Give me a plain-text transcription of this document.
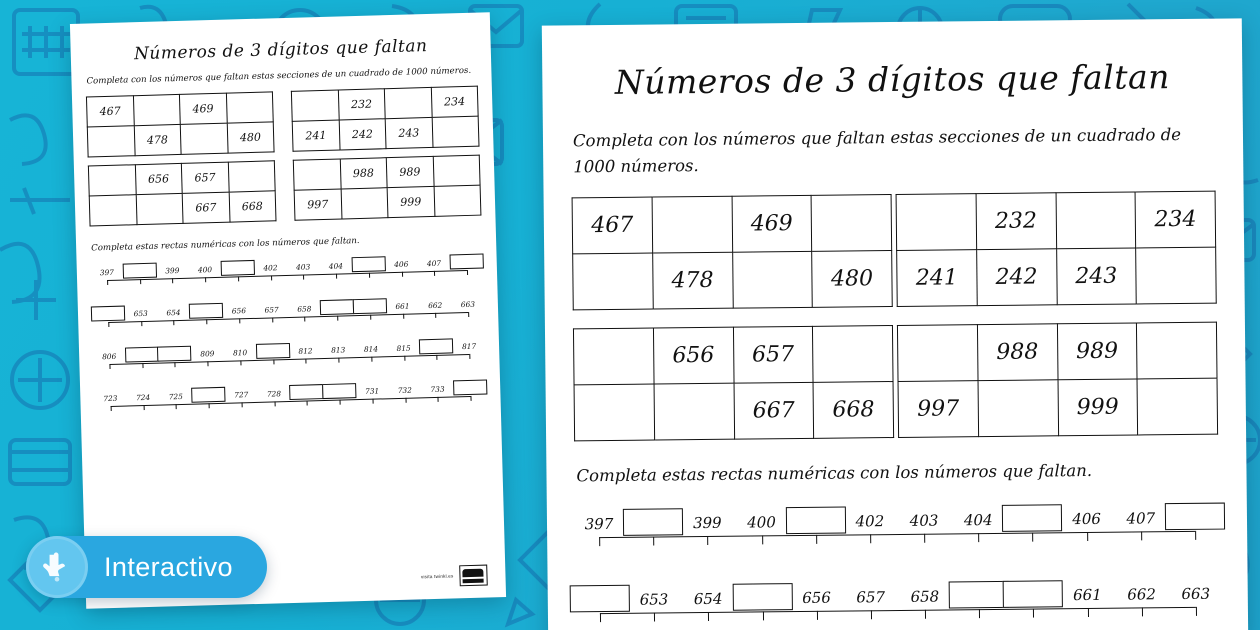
Números de 3 dígitos que faltan
Completa con los números que faltan estas secciones de un cuadrado de 1000 números.
467		469	
	478		480
	232		234
241	242	243	
	656	657	
		667	668
	988	989	
997		999	
Completa estas rectas numéricas con los números que faltan.
397	399 400	402 403 404	406 407
653 654	656 657 658	661 662 663
806	809 810	812 813 814 815	817
723 724 725	727 728	731 732 733
visita twinkl.es
Números de 3 dígitos que faltan
Completa con los números que faltan estas secciones de un cuadrado de 1000 números.
467		469	
	478		480
	232		234
241	242	243	
	656	657	
		667	668
	988	989	
997		999	
Completa estas rectas numéricas con los números que faltan.
397	399 400	402 403 404	406 407
653 654	656 657 658	661 662 663
Interactivo
